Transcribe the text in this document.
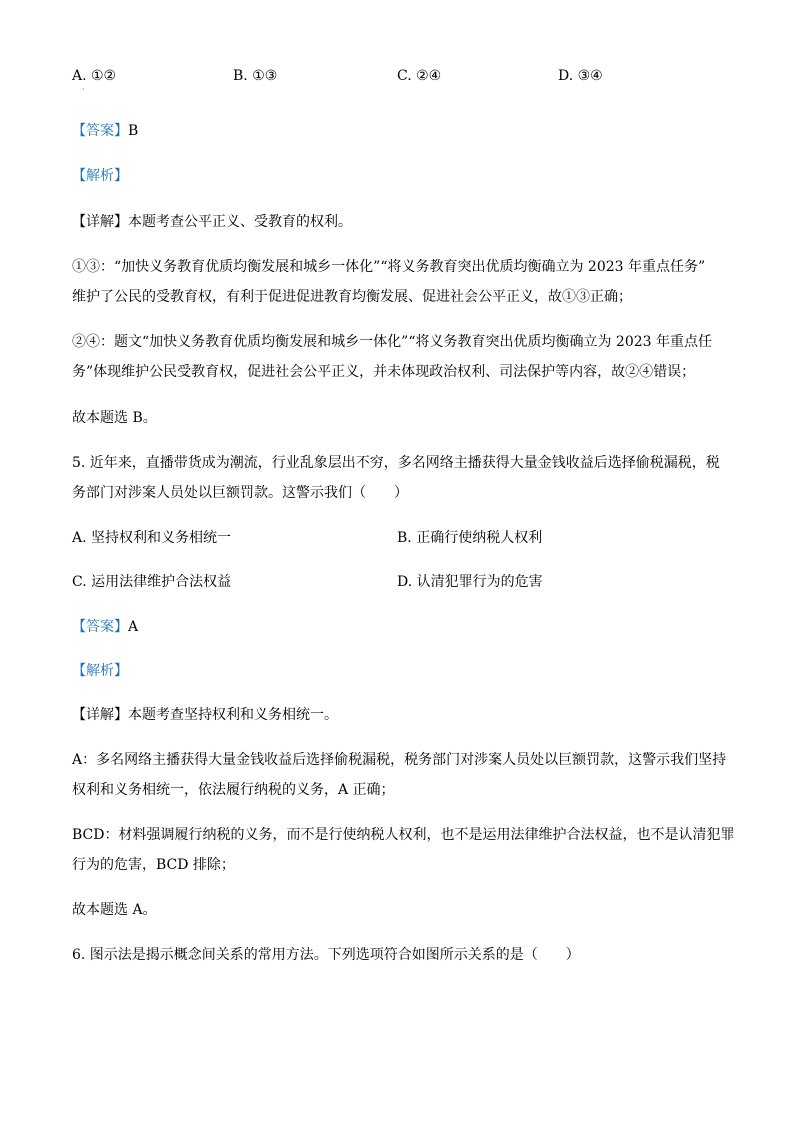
A. ①②
·
B. ①③	C. ②④	D. ③④
【答案】B
【解析】
【详解】本题考查公平正义、受教育的权利。
①③：“加快义务教育优质均衡发展和城乡一体化”“将义务教育突出优质均衡确立为 2023 年重点任务”
维护了公民的受教育权，有利于促进促进教育均衡发展、促进社会公平正义，故①③正确；
②④：题文“加快义务教育优质均衡发展和城乡一体化”“将义务教育突出优质均衡确立为 2023 年重点任
务”体现维护公民受教育权，促进社会公平正义，并未体现政治权利、司法保护等内容，故②④错误；
故本题选 B。
5. 近年来，直播带货成为潮流，行业乱象层出不穷，多名网络主播获得大量金钱收益后选择偷税漏税，税
务部门对涉案人员处以巨额罚款。这警示我们（　　）
A. 坚持权利和义务相统一	B. 正确行使纳税人权利
C. 运用法律维护合法权益	D. 认清犯罪行为的危害
【答案】A
【解析】
【详解】本题考查坚持权利和义务相统一。
A：多名网络主播获得大量金钱收益后选择偷税漏税，税务部门对涉案人员处以巨额罚款，这警示我们坚持
权利和义务相统一，依法履行纳税的义务，A 正确；
BCD：材料强调履行纳税的义务，而不是行使纳税人权利，也不是运用法律维护合法权益，也不是认清犯罪
行为的危害，BCD 排除；
故本题选 A。
6. 图示法是揭示概念间关系的常用方法。下列选项符合如图所示关系的是（　　）
